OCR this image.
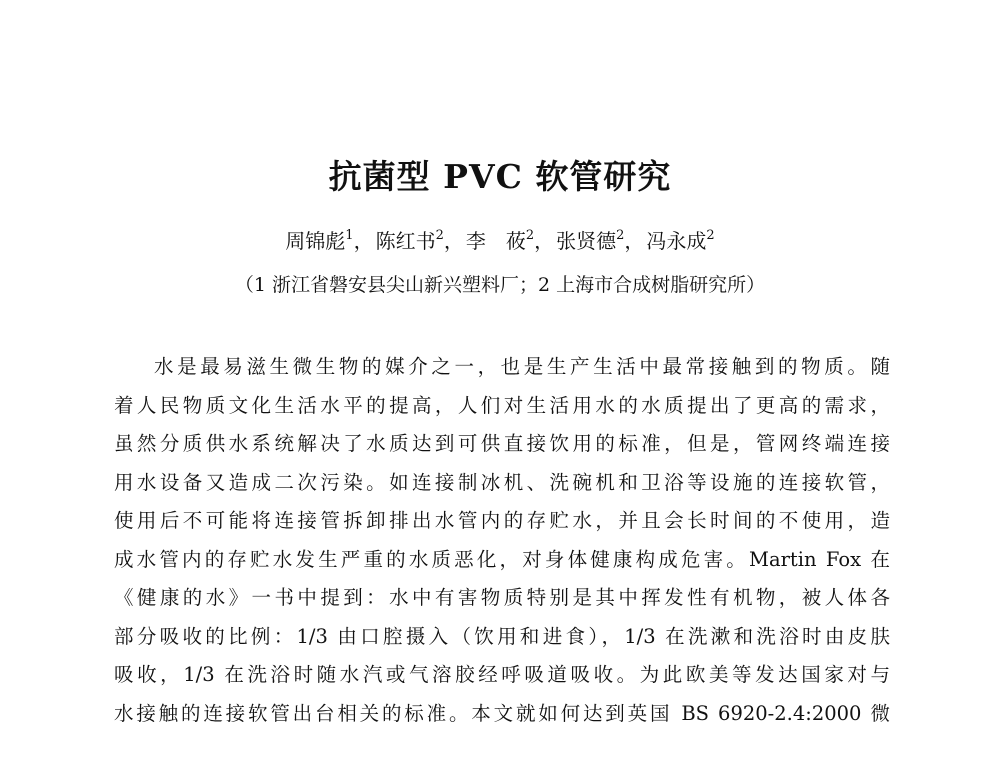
抗菌型 PVC 软管研究
周锦彪$^1$， 陈红书$^2$， 李　莜$^2$， 张贤德$^2$， 冯永成$^2$
（1 浙江省磐安县尖山新兴塑料厂；2 上海市合成树脂研究所）
水是最易滋生微生物的媒介之一，也是生产生活中最常接触到的物质。随
着人民物质文化生活水平的提高，人们对生活用水的水质提出了更高的需求，
虽然分质供水系统解决了水质达到可供直接饮用的标准，但是，管网终端连接
用水设备又造成二次污染。如连接制冰机、洗碗机和卫浴等设施的连接软管，
使用后不可能将连接管拆卸排出水管内的存贮水，并且会长时间的不使用，造
成水管内的存贮水发生严重的水质恶化，对身体健康构成危害。Martin Fox 在
《健康的水》一书中提到：水中有害物质特别是其中挥发性有机物，被人体各
部分吸收的比例：1/3 由口腔摄入（饮用和进食），1/3 在洗漱和洗浴时由皮肤
吸收，1/3 在洗浴时随水汽或气溶胶经呼吸道吸收。为此欧美等发达国家对与
水接触的连接软管出台相关的标准。本文就如何达到英国 BS 6920-2.4:2000 微
